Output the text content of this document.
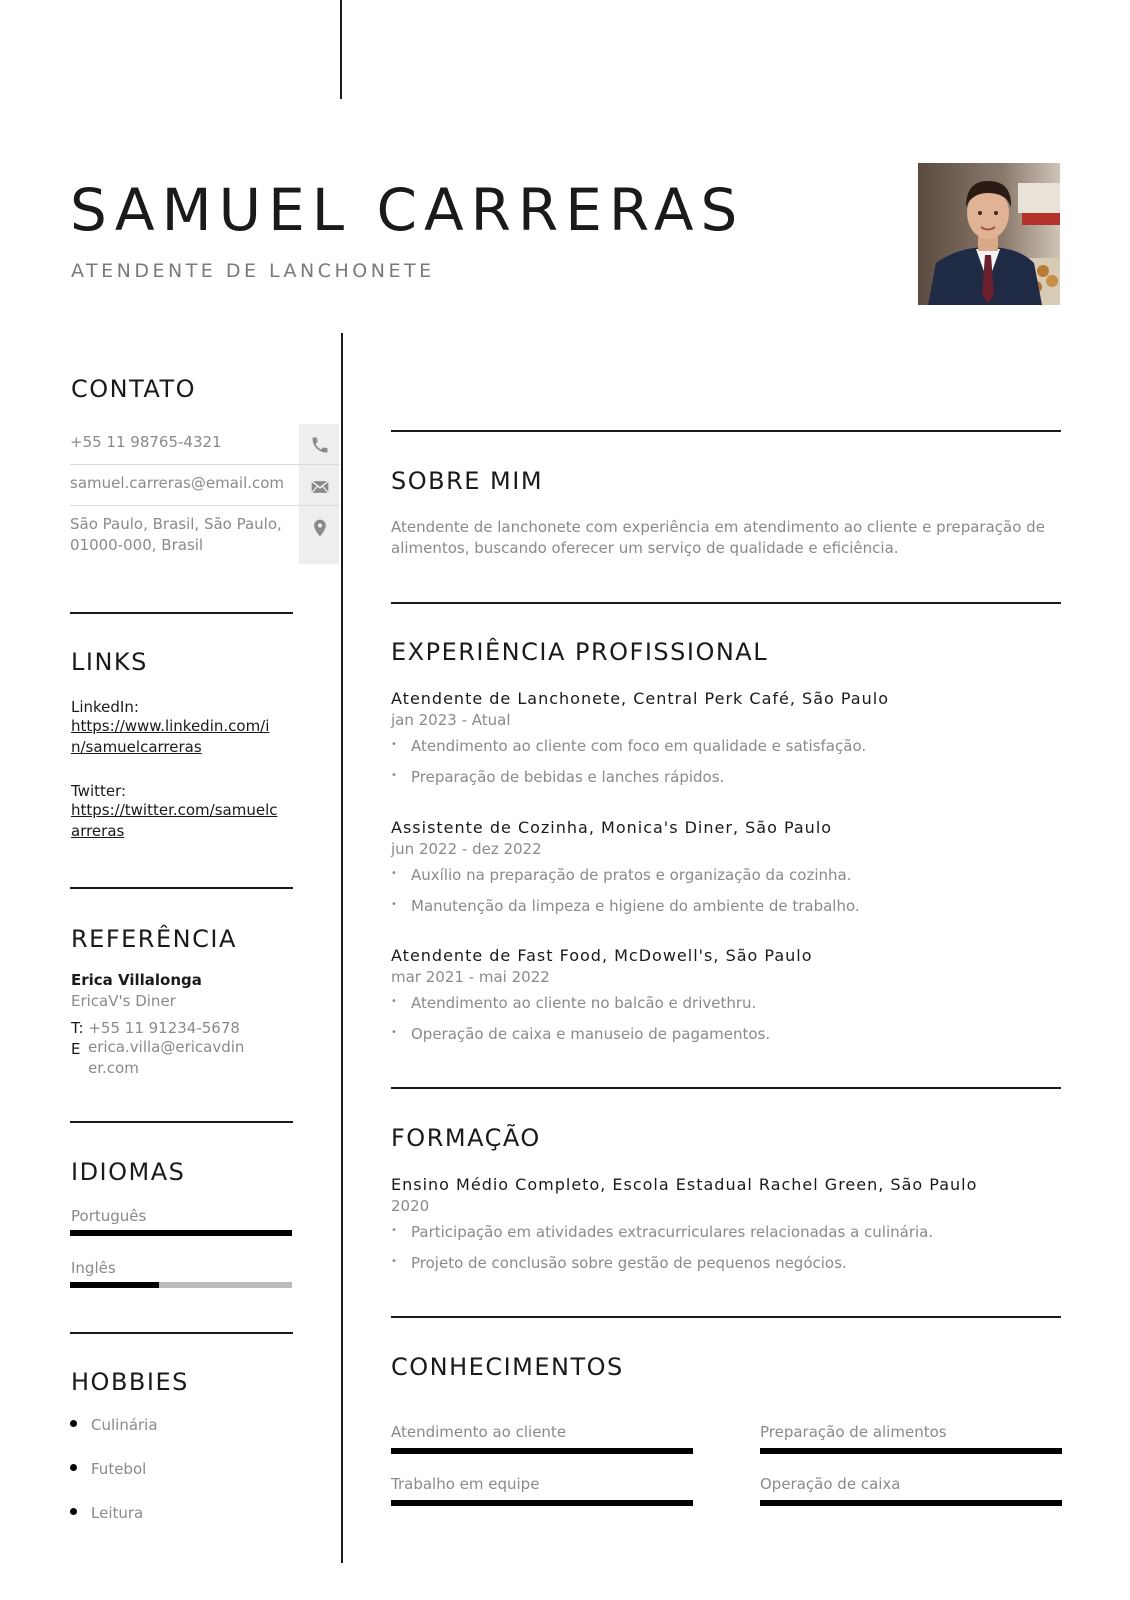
SAMUEL CARRERAS
ATENDENTE DE LANCHONETE
CONTATO
+55 11 98765-4321
samuel.carreras@email.com
São Paulo, Brasil, São Paulo,
01000-000, Brasil
LINKS
LinkedIn:
https://www.linkedin.com/i
n/samuelcarreras
Twitter:
https://twitter.com/samuelc
arreras
REFERÊNCIA
Erica Villalonga
EricaV's Diner
T: +55 11 91234-5678
E erica.villa@ericavdin
er.com
IDIOMAS
Português
Inglês
HOBBIES
Culinária
Futebol
Leitura
SOBRE MIM
Atendente de lanchonete com experiência em atendimento ao cliente e preparação de
alimentos, buscando oferecer um serviço de qualidade e eficiência.
EXPERIÊNCIA PROFISSIONAL
Atendente de Lanchonete, Central Perk Café, São Paulo
jan 2023 - Atual
• Atendimento ao cliente com foco em qualidade e satisfação.
• Preparação de bebidas e lanches rápidos.
Assistente de Cozinha, Monica's Diner, São Paulo
jun 2022 - dez 2022
• Auxílio na preparação de pratos e organização da cozinha.
• Manutenção da limpeza e higiene do ambiente de trabalho.
Atendente de Fast Food, McDowell's, São Paulo
mar 2021 - mai 2022
• Atendimento ao cliente no balcão e drivethru.
• Operação de caixa e manuseio de pagamentos.
FORMAÇÃO
Ensino Médio Completo, Escola Estadual Rachel Green, São Paulo
2020
• Participação em atividades extracurriculares relacionadas a culinária.
• Projeto de conclusão sobre gestão de pequenos negócios.
CONHECIMENTOS
Atendimento ao cliente	Preparação de alimentos
Trabalho em equipe	Operação de caixa
